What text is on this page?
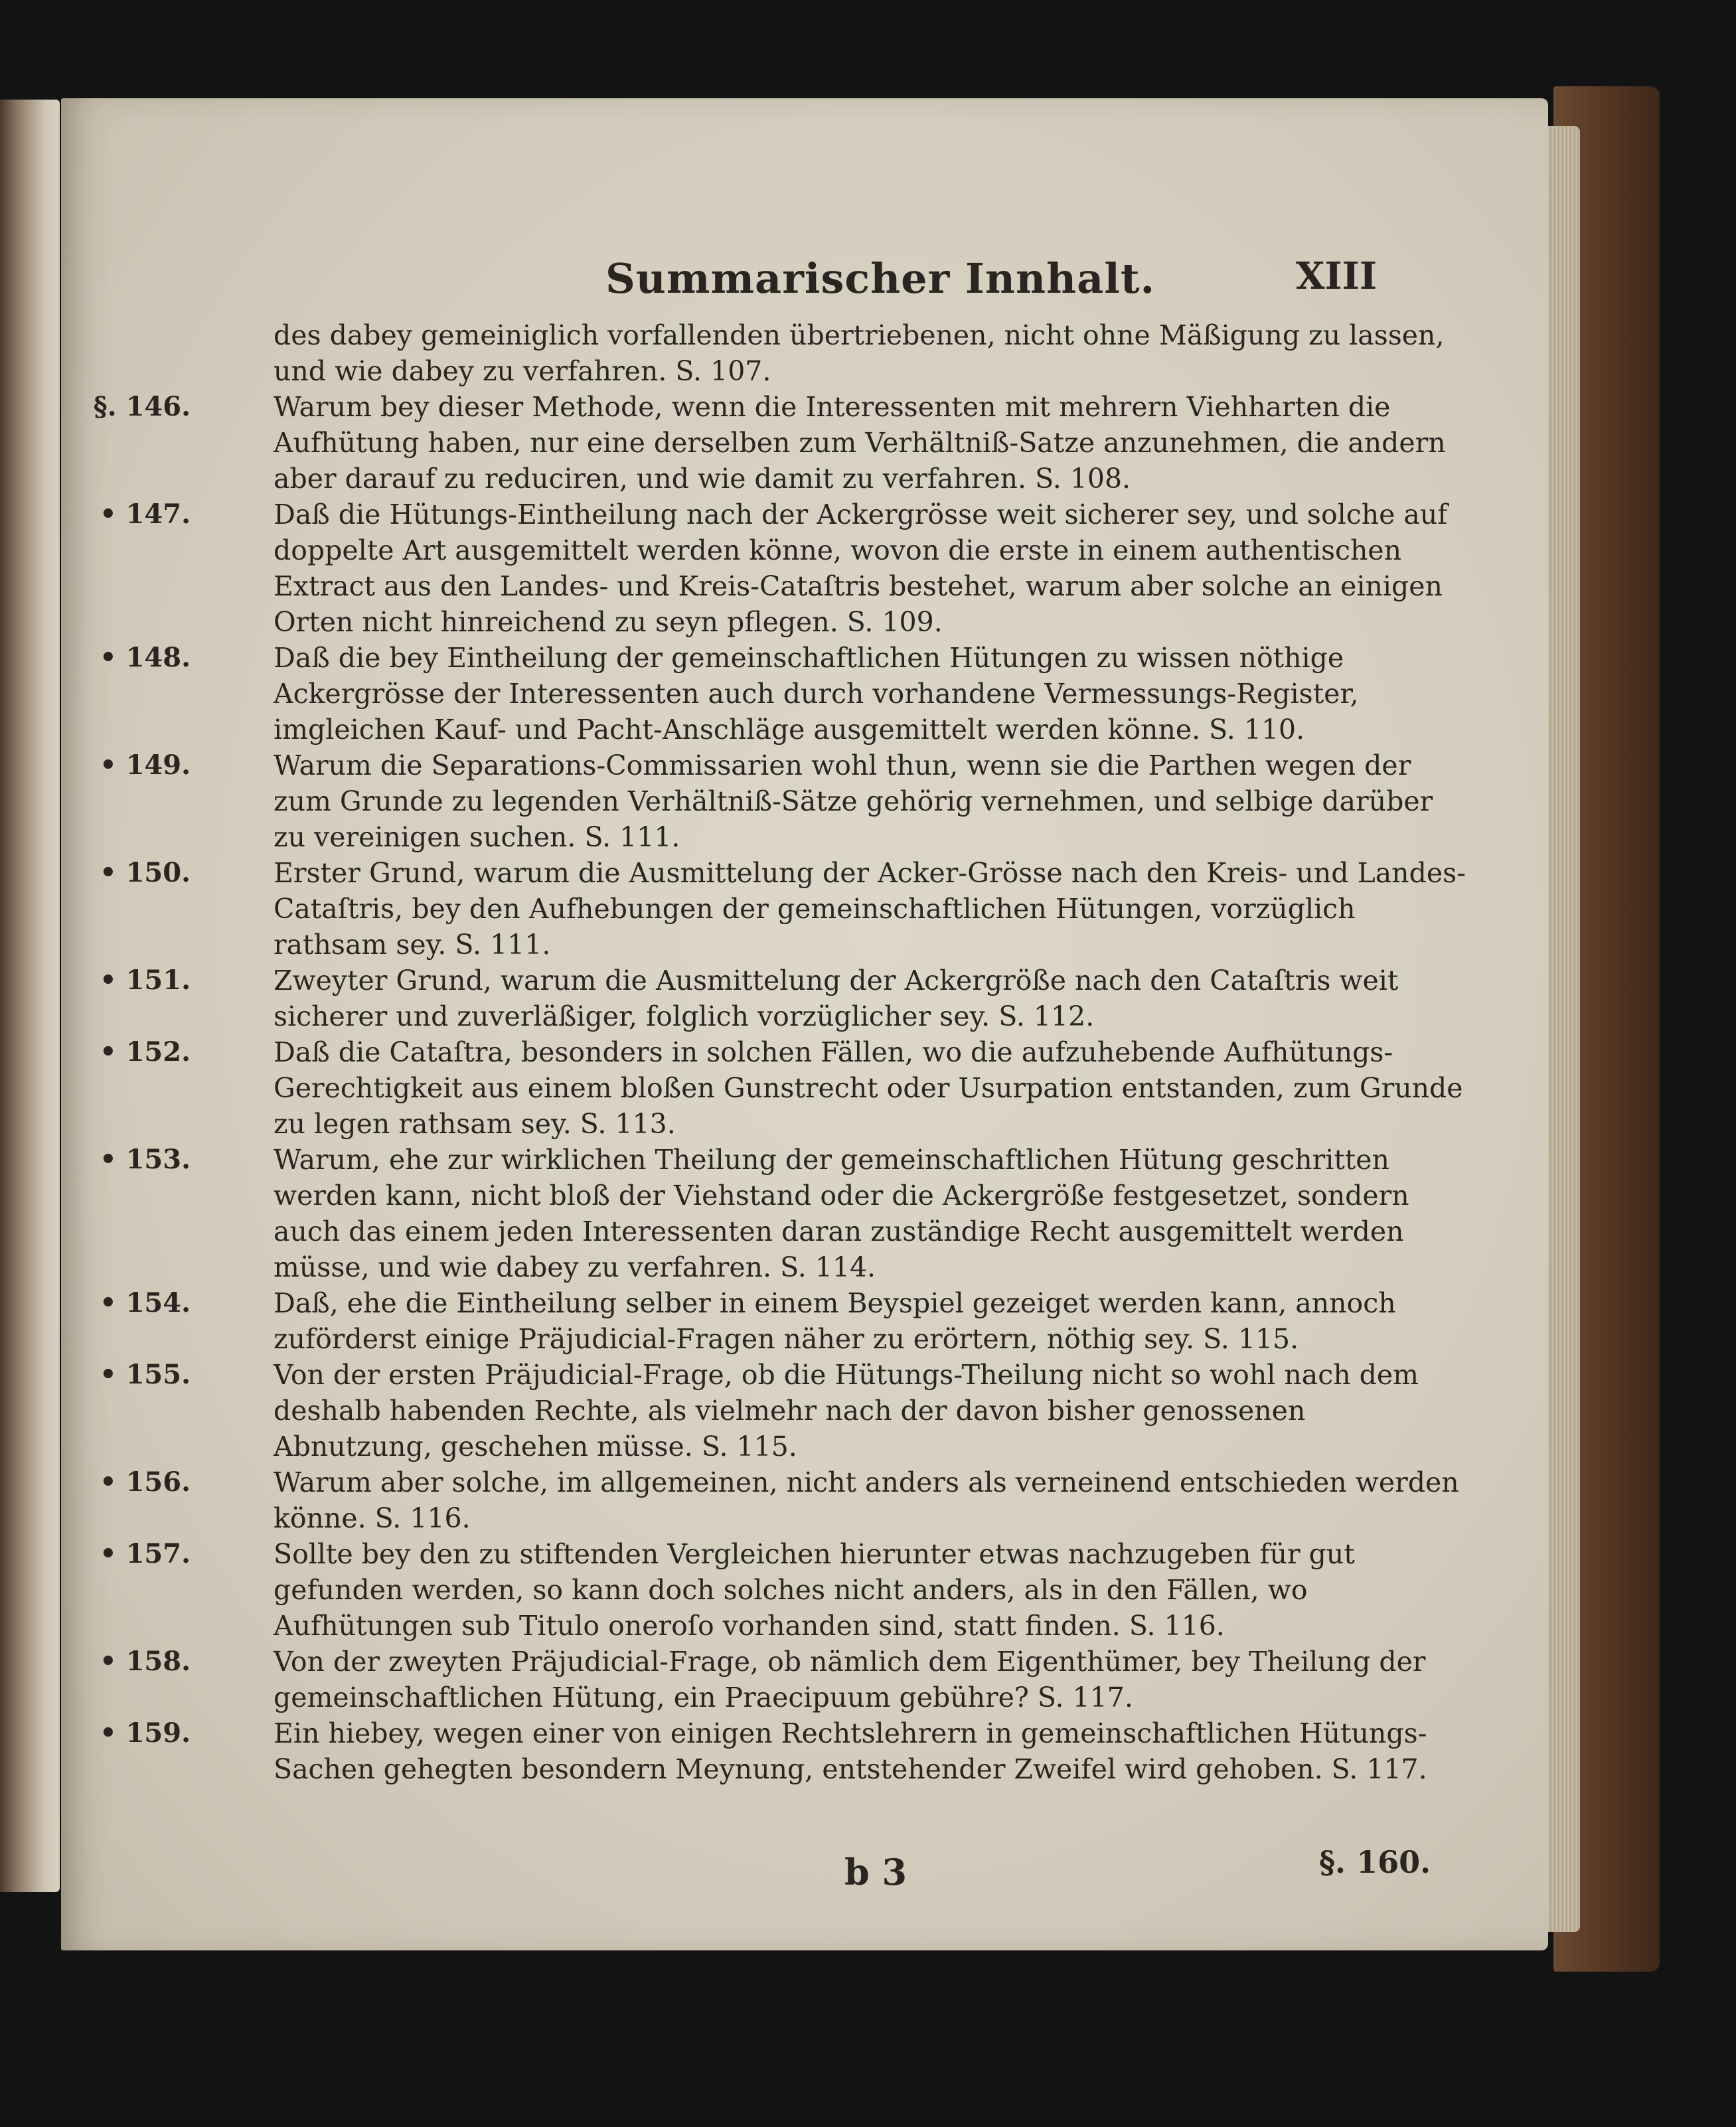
Summarischer Innhalt.	XIII

des dabey gemeiniglich vorfallenden übertriebenen, nicht ohne Mäßigung zu lassen, und wie dabey zu verfahren. S. 107.

§. 146.	Warum bey dieser Methode, wenn die Interessenten mit mehrern Viehharten die Aufhütung haben, nur eine derselben zum Verhältniß-Satze anzunehmen, die andern aber darauf zu reduciren, und wie damit zu verfahren. S. 108.

• 147.	Daß die Hütungs-Eintheilung nach der Ackergrösse weit sicherer sey, und solche auf doppelte Art ausgemittelt werden könne, wovon die erste in einem authentischen Extract aus den Landes- und Kreis-Cataſtris bestehet, warum aber solche an einigen Orten nicht hinreichend zu seyn pflegen. S. 109.

• 148.	Daß die bey Eintheilung der gemeinschaftlichen Hütungen zu wissen nöthige Ackergrösse der Interessenten auch durch vorhandene Vermessungs-Register, imgleichen Kauf- und Pacht-Anschläge ausgemittelt werden könne. S. 110.

• 149.	Warum die Separations-Commissarien wohl thun, wenn sie die Parthen wegen der zum Grunde zu legenden Verhältniß-Sätze gehörig vernehmen, und selbige darüber zu vereinigen suchen. S. 111.

• 150.	Erster Grund, warum die Ausmittelung der Acker-Grösse nach den Kreis- und Landes-Cataſtris, bey den Aufhebungen der gemeinschaftlichen Hütungen, vorzüglich rathsam sey. S. 111.

• 151.	Zweyter Grund, warum die Ausmittelung der Ackergröße nach den Cataſtris weit sicherer und zuverläßiger, folglich vorzüglicher sey. S. 112.

• 152.	Daß die Cataſtra, besonders in solchen Fällen, wo die aufzuhebende Aufhütungs-Gerechtigkeit aus einem bloßen Gunstrecht oder Usurpation entstanden, zum Grunde zu legen rathsam sey. S. 113.

• 153.	Warum, ehe zur wirklichen Theilung der gemeinschaftlichen Hütung geschritten werden kann, nicht bloß der Viehstand oder die Ackergröße festgesetzet, sondern auch das einem jeden Interessenten daran zuständige Recht ausgemittelt werden müsse, und wie dabey zu verfahren. S. 114.

• 154.	Daß, ehe die Eintheilung selber in einem Beyspiel gezeiget werden kann, annoch zuförderst einige Präjudicial-Fragen näher zu erörtern, nöthig sey. S. 115.

• 155.	Von der ersten Präjudicial-Frage, ob die Hütungs-Theilung nicht so wohl nach dem deshalb habenden Rechte, als vielmehr nach der davon bisher genossenen Abnutzung, geschehen müsse. S. 115.

• 156.	Warum aber solche, im allgemeinen, nicht anders als verneinend entschieden werden könne. S. 116.

• 157.	Sollte bey den zu stiftenden Vergleichen hierunter etwas nachzugeben für gut gefunden werden, so kann doch solches nicht anders, als in den Fällen, wo Aufhütungen sub Titulo oneroſo vorhanden sind, statt finden. S. 116.

• 158.	Von der zweyten Präjudicial-Frage, ob nämlich dem Eigenthümer, bey Theilung der gemeinschaftlichen Hütung, ein Praecipuum gebühre? S. 117.

• 159.	Ein hiebey, wegen einer von einigen Rechtslehrern in gemeinschaftlichen Hütungs-Sachen gehegten besondern Meynung, entstehender Zweifel wird gehoben. S. 117.

b 3	§. 160.
